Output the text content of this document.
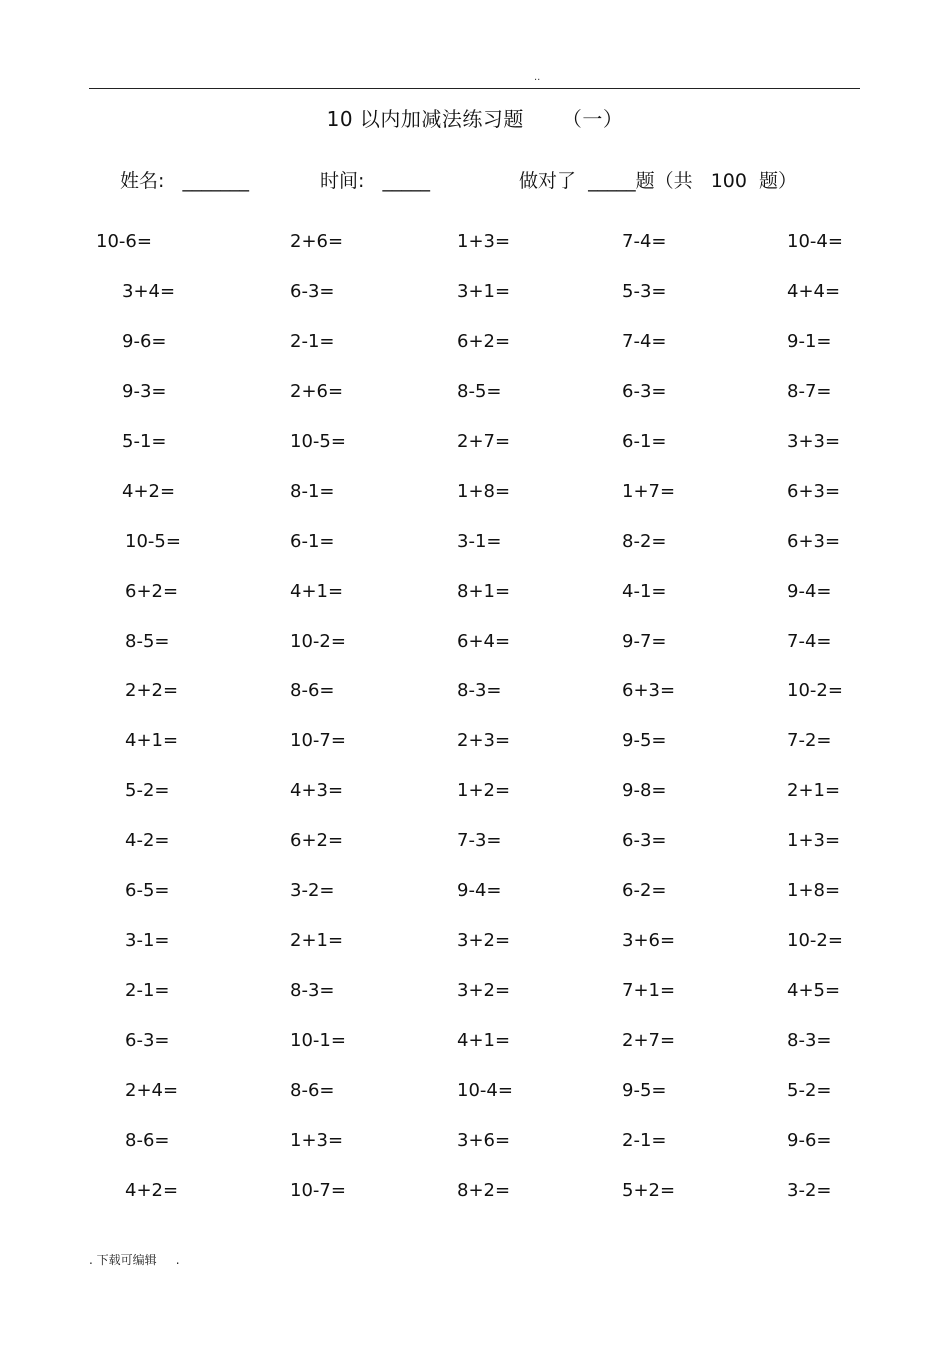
..
10 以内加减法练习题 （一）
姓名:   _______	时间:   _____	做对了  _____题（共   100  题）
10-6=	2+6=	1+3=	7-4=	10-4=
3+4=	6-3=	3+1=	5-3=	4+4=
9-6=	2-1=	6+2=	7-4=	9-1=
9-3=	2+6=	8-5=	6-3=	8-7=
5-1=	10-5=	2+7=	6-1=	3+3=
4+2=	8-1=	1+8=	1+7=	6+3=
10-5=	6-1=	3-1=	8-2=	6+3=
6+2=	4+1=	8+1=	4-1=	9-4=
8-5=	10-2=	6+4=	9-7=	7-4=
2+2=	8-6=	8-3=	6+3=	10-2=
4+1=	10-7=	2+3=	9-5=	7-2=
5-2=	4+3=	1+2=	9-8=	2+1=
4-2=	6+2=	7-3=	6-3=	1+3=
6-5=	3-2=	9-4=	6-2=	1+8=
3-1=	2+1=	3+2=	3+6=	10-2=
2-1=	8-3=	3+2=	7+1=	4+5=
6-3=	10-1=	4+1=	2+7=	8-3=
2+4=	8-6=	10-4=	9-5=	5-2=
8-6=	1+3=	3+6=	2-1=	9-6=
4+2=	10-7=	8+2=	5+2=	3-2=
. 下载可编辑     .
